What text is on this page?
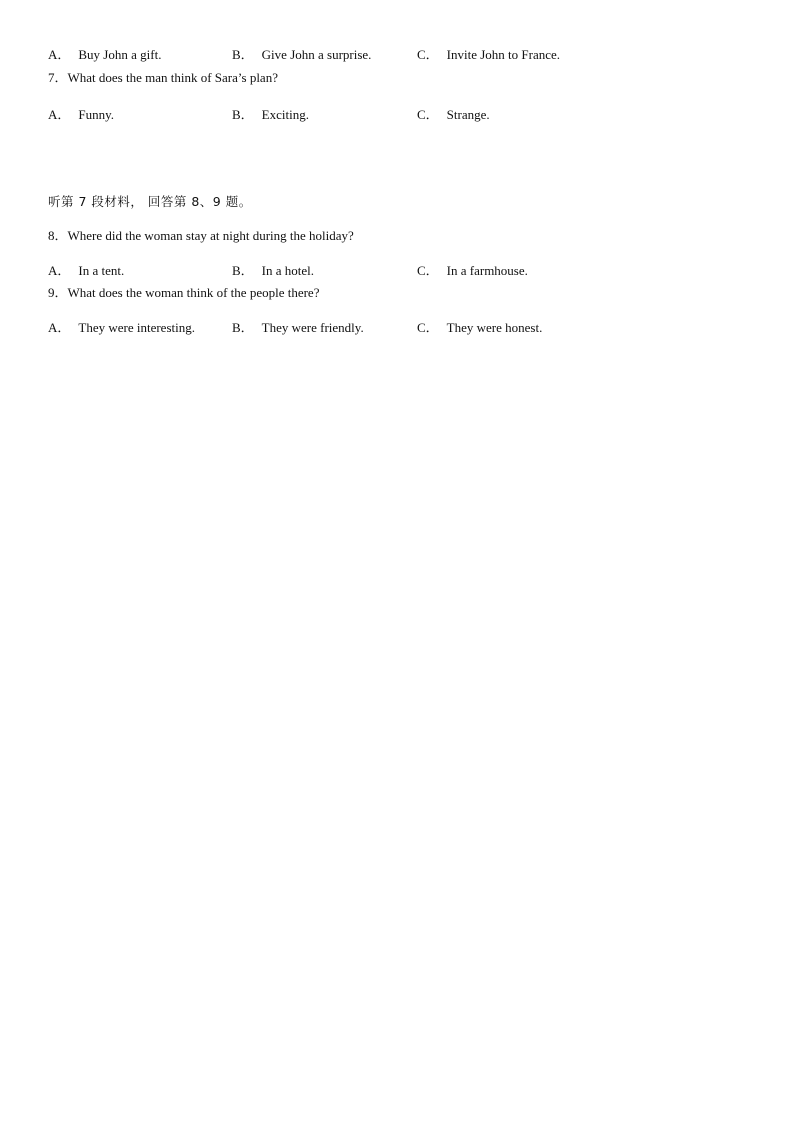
A． Buy John a gift.	B． Give John a surprise.	C． Invite John to France.
7．What does the man think of Sara’s plan?
A． Funny.	B． Exciting.	C． Strange.
听第 7 段材料， 回答第 8、9 题。
8．Where did the woman stay at night during the holiday?
A． In a tent.	B． In a hotel.	C． In a farmhouse.
9．What does the woman think of the people there?
A． They were interesting.	B． They were friendly.	C． They were honest.
